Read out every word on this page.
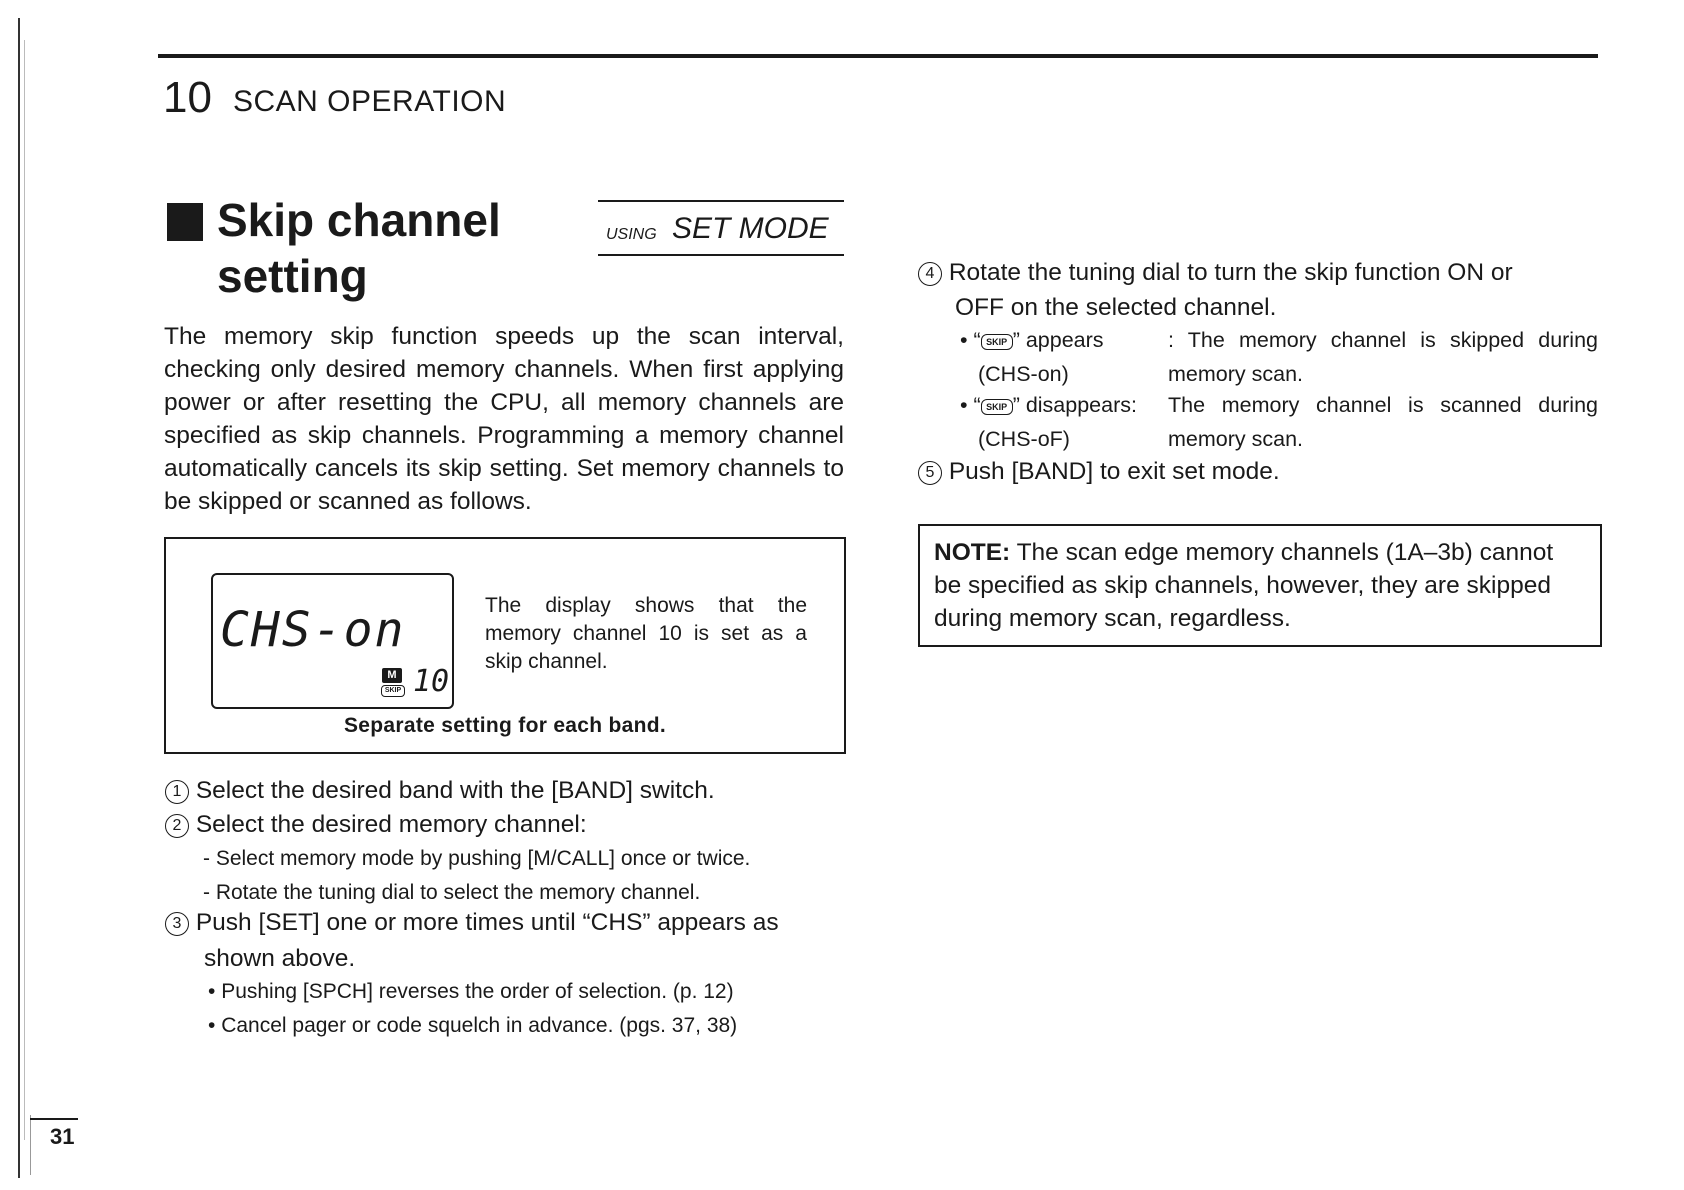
10 SCAN OPERATION
Skip channel setting
USING SET MODE
The memory skip function speeds up the scan interval, checking only desired memory channels. When first applying power or after resetting the CPU, all memory channels are specified as skip channels. Programming a memory channel automatically cancels its skip setting. Set memory channels to be skipped or scanned as follows.
CHS-on
M
SKIP 10
The display shows that the memory channel 10 is set as a skip channel.
Separate setting for each band.
1 Select the desired band with the [BAND] switch.
2 Select the desired memory channel:
- Select memory mode by pushing [M/CALL] once or twice.
- Rotate the tuning dial to select the memory channel.
3 Push [SET] one or more times until “CHS” appears as
shown above.
• Pushing [SPCH] reverses the order of selection. (p. 12)
• Cancel pager or code squelch in advance. (pgs. 37, 38)
4 Rotate the tuning dial to turn the skip function ON or
OFF on the selected channel.
• “ SKIP ” appears
(CHS-on)
: The memory channel is skipped during
memory scan.
• “ SKIP ” disappears:
(CHS-oF)
The memory channel is scanned during
memory scan.
5 Push [BAND] to exit set mode.
NOTE: The scan edge memory channels (1A–3b) cannot be specified as skip channels, however, they are skipped during memory scan, regardless.
31
